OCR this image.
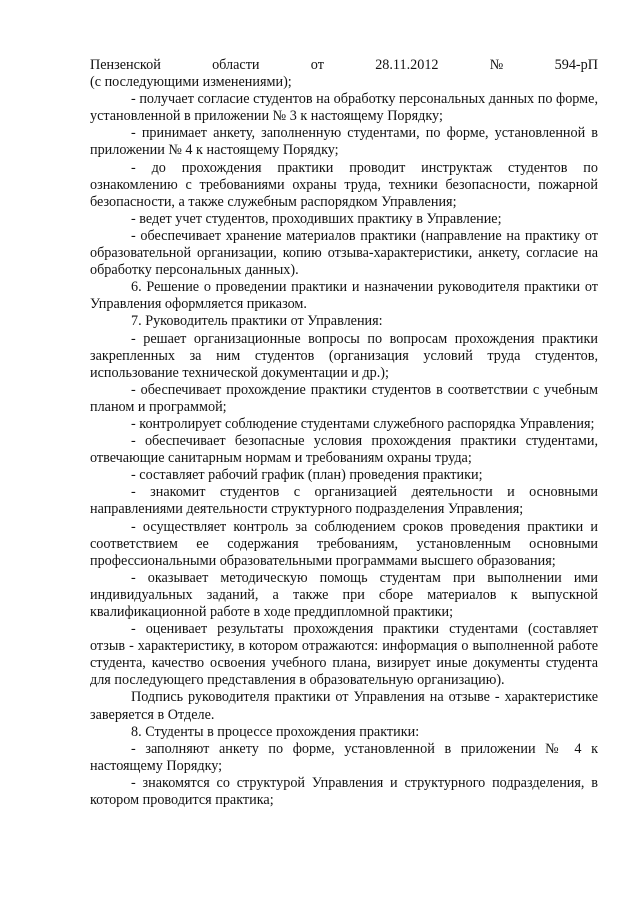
Пензенской	области	от	28.11.2012	№	594-рП

(с последующими изменениями);

- получает согласие студентов на обработку персональных данных по форме, установленной в приложении № 3 к настоящему Порядку;

- принимает анкету, заполненную студентами, по форме, установленной в приложении № 4 к настоящему Порядку;

- до прохождения практики проводит инструктаж студентов по ознакомлению с требованиями охраны труда, техники безопасности, пожарной безопасности, а также служебным распорядком Управления;

- ведет учет студентов, проходивших практику в Управление;

- обеспечивает хранение материалов практики (направление на практику от образовательной организации, копию отзыва-характеристики, анкету, согласие на обработку персональных данных).

6. Решение о проведении практики и назначении руководителя практики от Управления оформляется приказом.

7. Руководитель практики от Управления:

- решает организационные вопросы по вопросам прохождения практики закрепленных за ним студентов (организация условий труда студентов, использование технической документации и др.);

- обеспечивает прохождение практики студентов в соответствии с учебным планом и программой;

- контролирует соблюдение студентами служебного распорядка Управления;

- обеспечивает безопасные условия прохождения практики студентами, отвечающие санитарным нормам и требованиям охраны труда;

- составляет рабочий график (план) проведения практики;

- знакомит студентов с организацией деятельности и основными направлениями деятельности структурного подразделения Управления;

- осуществляет контроль за соблюдением сроков проведения практики и соответствием ее содержания требованиям, установленным основными профессиональными образовательными программами высшего образования;

- оказывает методическую помощь студентам при выполнении ими индивидуальных заданий, а также при сборе материалов к выпускной квалификационной работе в ходе преддипломной практики;

- оценивает результаты прохождения практики студентами (составляет отзыв - характеристику, в котором отражаются: информация о выполненной работе студента, качество освоения учебного плана, визирует иные документы студента для последующего представления в образовательную организацию).

Подпись руководителя практики от Управления на отзыве - характеристике заверяется в Отделе.

8. Студенты в процессе прохождения практики:

- заполняют анкету по форме, установленной в приложении № 4 к настоящему Порядку;

- знакомятся со структурой Управления и структурного подразделения, в котором проводится практика;
